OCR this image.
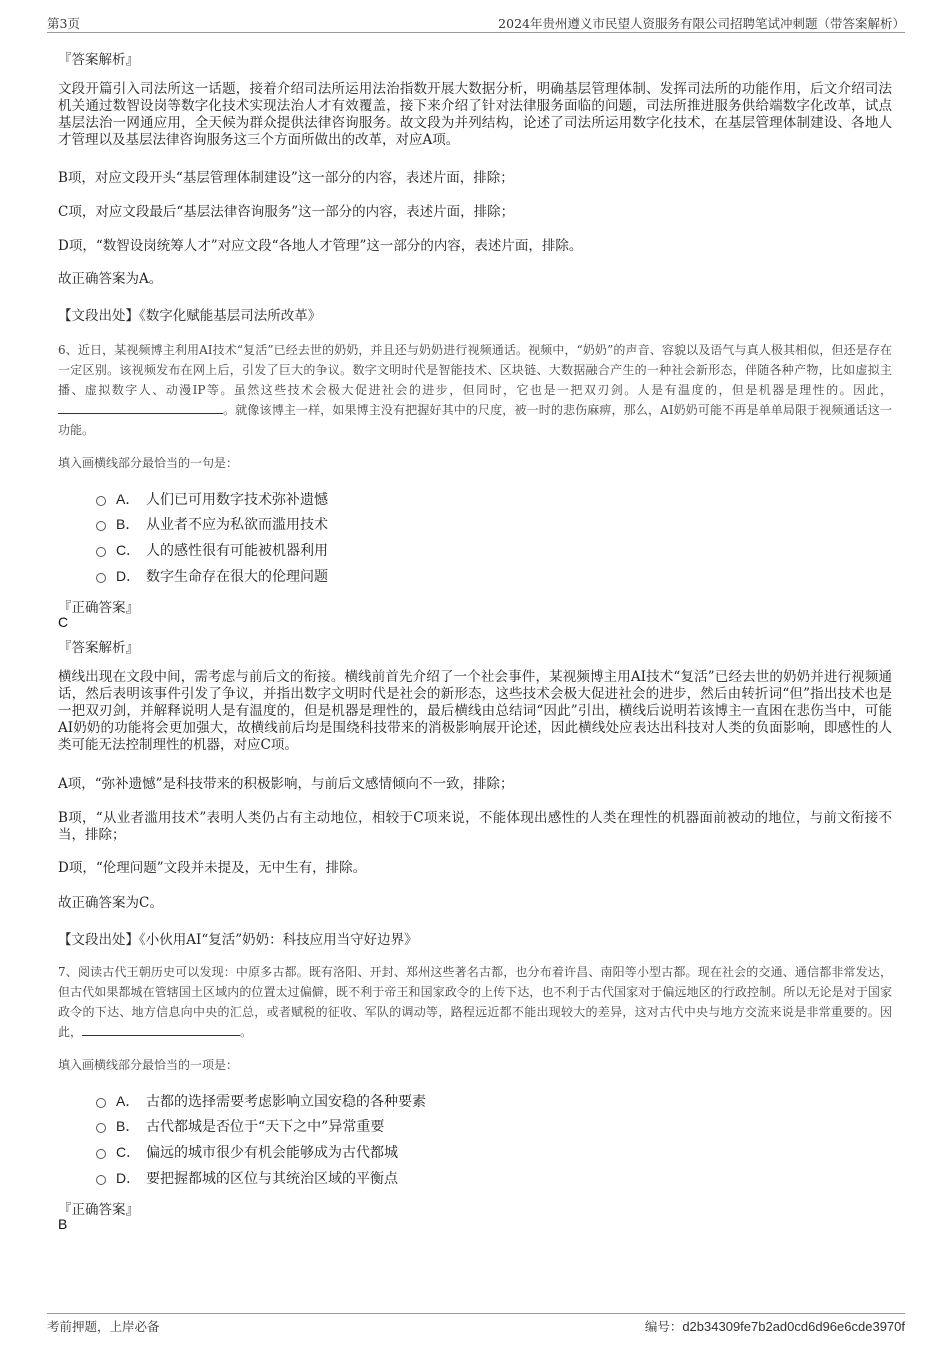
第3页	2024年贵州遵义市民望人资服务有限公司招聘笔试冲刺题（带答案解析）
『答案解析』

文段开篇引入司法所这一话题，接着介绍司法所运用法治指数开展大数据分析，明确基层管理体制、发挥司法所的功能作用，后文介绍司法机关通过数智设岗等数字化技术实现法治人才有效覆盖，接下来介绍了针对法律服务面临的问题，司法所推进服务供给端数字化改革，试点基层法治一网通应用，全天候为群众提供法律咨询服务。故文段为并列结构，论述了司法所运用数字化技术，在基层管理体制建设、各地人才管理以及基层法律咨询服务这三个方面所做出的改革，对应A项。

B项，对应文段开头“基层管理体制建设”这一部分的内容，表述片面，排除；

C项，对应文段最后“基层法律咨询服务”这一部分的内容，表述片面，排除；

D项，“数智设岗统筹人才”对应文段“各地人才管理”这一部分的内容，表述片面，排除。

故正确答案为A。

【文段出处】《数字化赋能基层司法所改革》

6、近日，某视频博主利用AI技术“复活”已经去世的奶奶，并且还与奶奶进行视频通话。视频中，“奶奶”的声音、容貌以及语气与真人极其相似，但还是存在一定区别。该视频发布在网上后，引发了巨大的争议。数字文明时代是智能技术、区块链、大数据融合产生的一种社会新形态，伴随各种产物，比如虚拟主播、虚拟数字人、动漫IP等。虽然这些技术会极大促进社会的进步，但同时，它也是一把双刃剑。人是有温度的，但是机器是理性的。因此，。就像该博主一样，如果博主没有把握好其中的尺度，被一时的悲伤麻痹，那么，AI奶奶可能不再是单单局限于视频通话这一功能。

填入画横线部分最恰当的一句是：

A． 人们已可用数字技术弥补遗憾
B． 从业者不应为私欲而滥用技术
C． 人的感性很有可能被机器利用
D． 数字生命存在很大的伦理问题
『正确答案』
C
『答案解析』

横线出现在文段中间，需考虑与前后文的衔接。横线前首先介绍了一个社会事件，某视频博主用AI技术“复活”已经去世的奶奶并进行视频通话，然后表明该事件引发了争议，并指出数字文明时代是社会的新形态，这些技术会极大促进社会的进步，然后由转折词“但”指出技术也是一把双刃剑，并解释说明人是有温度的，但是机器是理性的，最后横线由总结词“因此”引出，横线后说明若该博主一直困在悲伤当中，可能AI奶奶的功能将会更加强大，故横线前后均是围绕科技带来的消极影响展开论述，因此横线处应表达出科技对人类的负面影响，即感性的人类可能无法控制理性的机器，对应C项。

A项，“弥补遗憾”是科技带来的积极影响，与前后文感情倾向不一致，排除；

B项，“从业者滥用技术”表明人类仍占有主动地位，相较于C项来说，不能体现出感性的人类在理性的机器面前被动的地位，与前文衔接不当，排除；

D项，“伦理问题”文段并未提及，无中生有，排除。

故正确答案为C。

【文段出处】《小伙用AI“复活”奶奶：科技应用当守好边界》

7、阅读古代王朝历史可以发现：中原多古都。既有洛阳、开封、郑州这些著名古都，也分布着许昌、南阳等小型古都。现在社会的交通、通信都非常发达，但古代如果都城在管辖国土区域内的位置太过偏僻，既不利于帝王和国家政令的上传下达，也不利于古代国家对于偏远地区的行政控制。所以无论是对于国家政令的下达、地方信息向中央的汇总，或者赋税的征收、军队的调动等，路程远近都不能出现较大的差异，这对古代中央与地方交流来说是非常重要的。因此，	。

填入画横线部分最恰当的一项是：

A． 古都的选择需要考虑影响立国安稳的各种要素
B． 古代都城是否位于“天下之中”异常重要
C． 偏远的城市很少有机会能够成为古代都城
D． 要把握都城的区位与其统治区域的平衡点
『正确答案』
B
考前押题，上岸必备	编号：d2b34309fe7b2ad0cd6d96e6cde3970f
